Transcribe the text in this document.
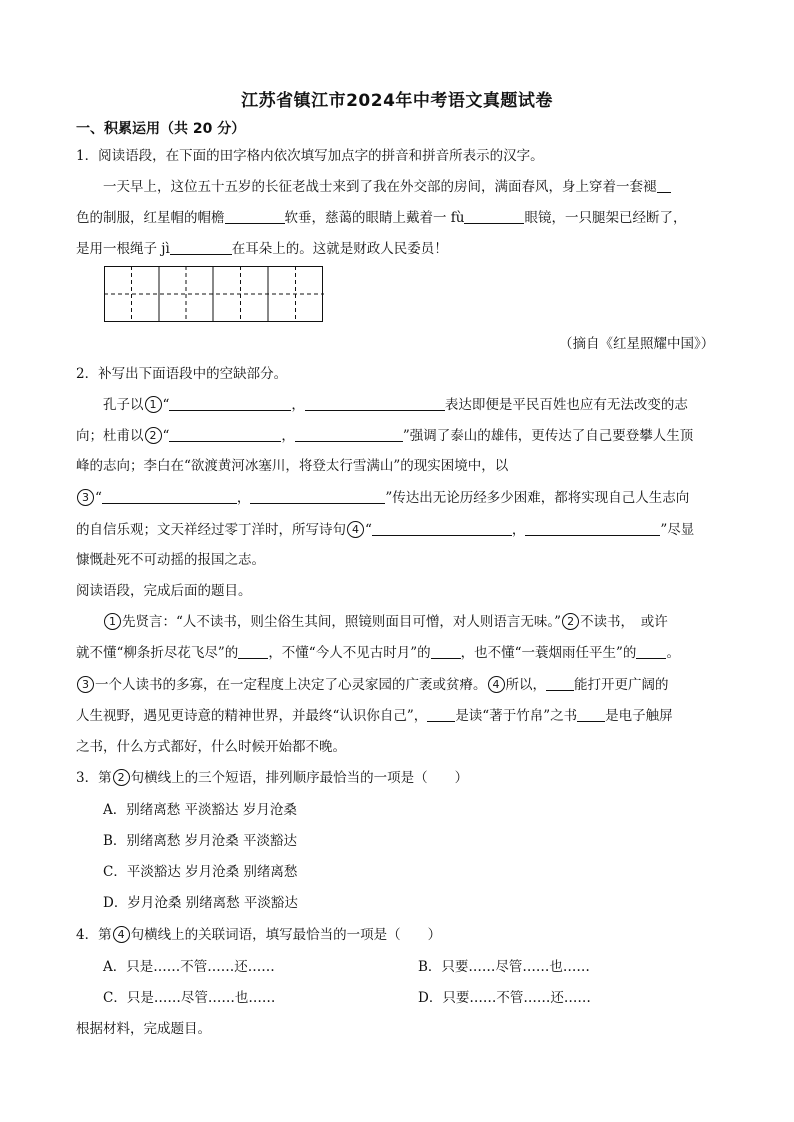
江苏省镇江市2024年中考语文真题试卷
一、积累运用（共 20 分）
1．阅读语段，在下面的田字格内依次填写加点字的拼音和拼音所表示的汉字。
一天早上，这位五十五岁的长征老战士来到了我在外交部的房间，满面春风，身上穿着一套褪
色的制服，红星帽的帽檐	软垂，慈蔼的眼睛上戴着一 fù	眼镜，一只腿架已经断了，
是用一根绳子 jì	在耳朵上的。这就是财政人民委员！
（摘自《红星照耀中国》）
2．补写出下面语段中的空缺部分。
孔子以 1 “	，	表达即便是平民百姓也应有无法改变的志
向；杜甫以 2 “	，	”强调了泰山的雄伟，更传达了自己要登攀人生顶
峰的志向；李白在“欲渡黄河冰塞川，将登太行雪满山”的现实困境中，以
3 “	，	”传达出无论历经多少困难，都将实现自己人生志向
的自信乐观；文天祥经过零丁洋时，所写诗句 4 “	，	”尽显
慷慨赴死不可动摇的报国之志。
阅读语段，完成后面的题目。
1 先贤言：“人不读书，则尘俗生其间，照镜则面目可憎，对人则语言无味。” 2 不读书，　或许
就不懂“柳条折尽花飞尽”的 ，不懂“今人不见古时月”的 ，也不懂“一蓑烟雨任平生”的 。
3 一个人读书的多寡，在一定程度上决定了心灵家园的广袤或贫瘠。 4 所以， 能打开更广阔的
人生视野，遇见更诗意的精神世界，并最终“认识你自己”， 是读“著于竹帛”之书 是电子触屏
之书，什么方式都好，什么时候开始都不晚。
3．第 2 句横线上的三个短语，排列顺序最恰当的一项是（　　）
A．别绪离愁 平淡豁达 岁月沧桑
B．别绪离愁 岁月沧桑 平淡豁达
C．平淡豁达 岁月沧桑 别绪离愁
D．岁月沧桑 别绪离愁 平淡豁达
4．第 4 句横线上的关联词语，填写最恰当的一项是（　　）
A．只是……不管……还……	B．只要……尽管……也……
C．只是……尽管……也……	D．只要……不管……还……
根据材料，完成题目。
